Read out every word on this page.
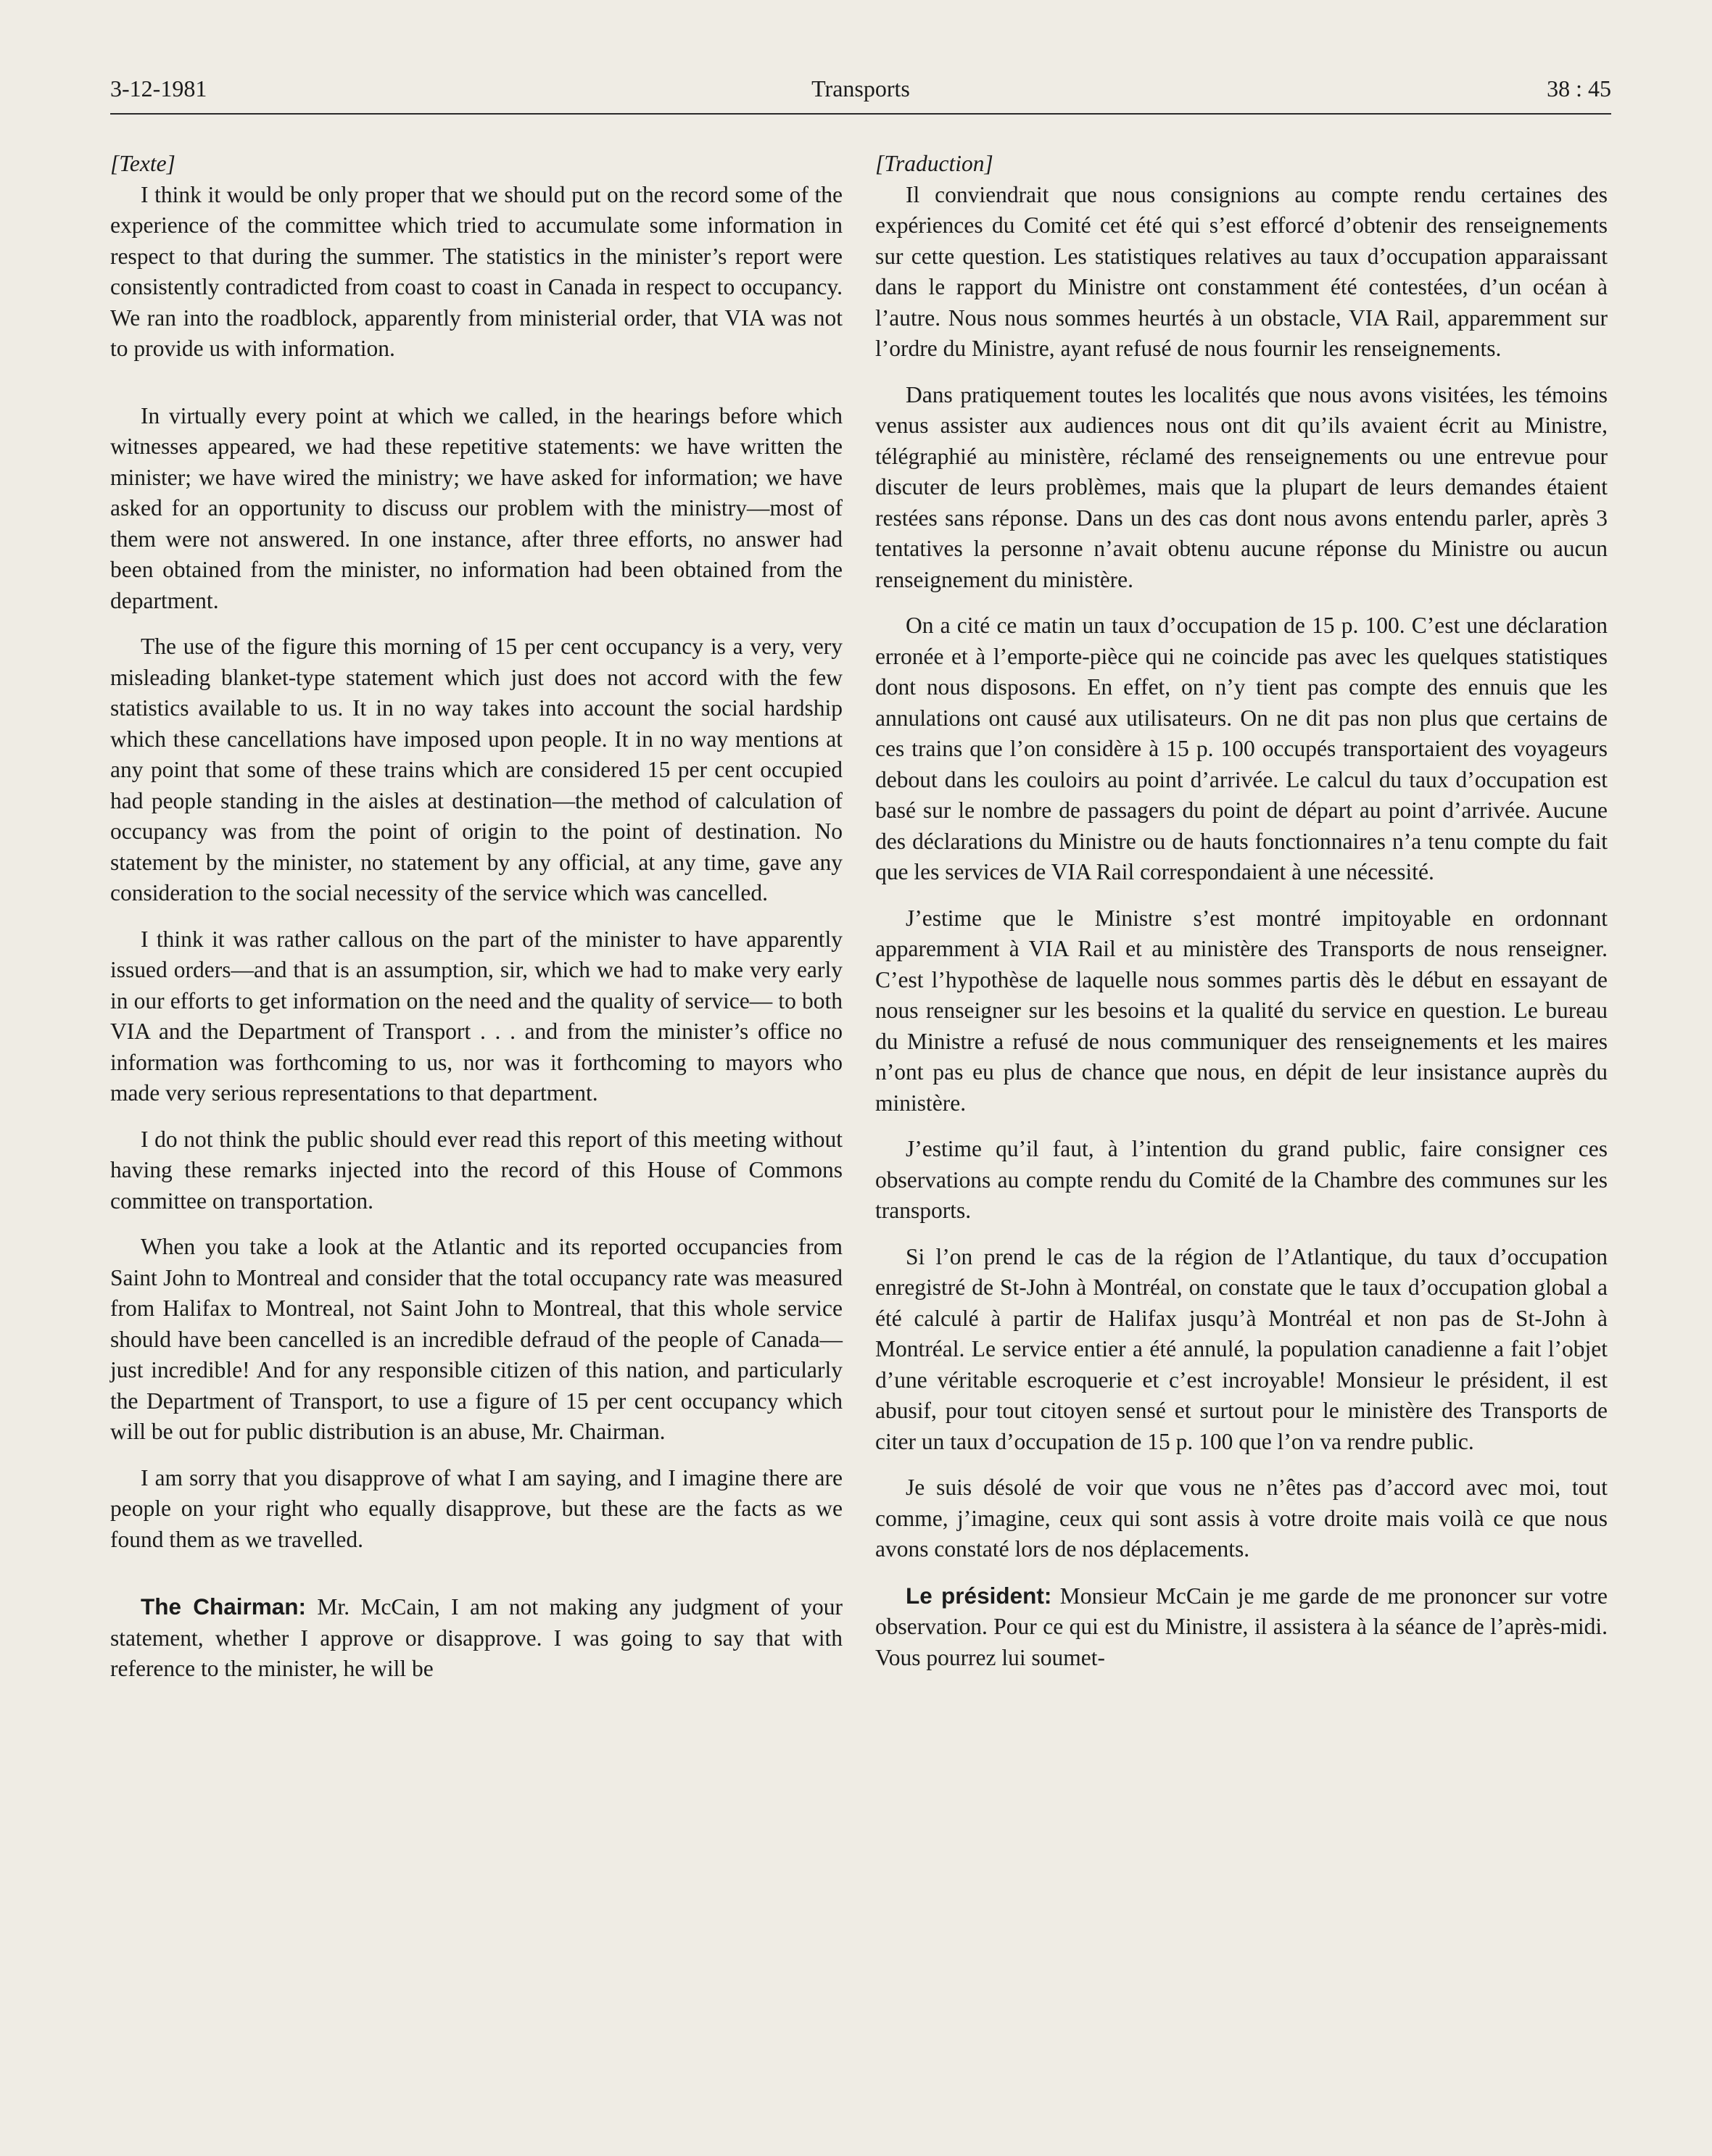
3-12-1981	Transports	38 : 45

[Texte]

I think it would be only proper that we should put on the record some of the experience of the committee which tried to accumulate some information in respect to that during the summer. The statistics in the minister’s report were consistently contradicted from coast to coast in Canada in respect to occupancy. We ran into the roadblock, apparently from ministerial order, that VIA was not to provide us with information.

In virtually every point at which we called, in the hearings before which witnesses appeared, we had these repetitive statements: we have written the minister; we have wired the ministry; we have asked for information; we have asked for an opportunity to discuss our problem with the ministry—most of them were not answered. In one instance, after three efforts, no answer had been obtained from the minister, no information had been obtained from the department.

The use of the figure this morning of 15 per cent occupancy is a very, very misleading blanket-type statement which just does not accord with the few statistics available to us. It in no way takes into account the social hardship which these cancellations have imposed upon people. It in no way mentions at any point that some of these trains which are considered 15 per cent occupied had people standing in the aisles at destination—the method of calculation of occupancy was from the point of origin to the point of destination. No statement by the minister, no statement by any official, at any time, gave any consideration to the social necessity of the service which was cancelled.

I think it was rather callous on the part of the minister to have apparently issued orders—and that is an assumption, sir, which we had to make very early in our efforts to get information on the need and the quality of service— to both VIA and the Department of Transport . . . and from the minister’s office no information was forthcoming to us, nor was it forthcoming to mayors who made very serious representations to that department.

I do not think the public should ever read this report of this meeting without having these remarks injected into the record of this House of Commons committee on transportation.

When you take a look at the Atlantic and its reported occupancies from Saint John to Montreal and consider that the total occupancy rate was measured from Halifax to Montreal, not Saint John to Montreal, that this whole service should have been cancelled is an incredible defraud of the people of Canada—just incredible! And for any responsible citizen of this nation, and particularly the Department of Transport, to use a figure of 15 per cent occupancy which will be out for public distribution is an abuse, Mr. Chairman.

I am sorry that you disapprove of what I am saying, and I imagine there are people on your right who equally disapprove, but these are the facts as we found them as we travelled.

The Chairman: Mr. McCain, I am not making any judgment of your statement, whether I approve or disapprove. I was going to say that with reference to the minister, he will be

[Traduction]

Il conviendrait que nous consignions au compte rendu certaines des expériences du Comité cet été qui s’est efforcé d’obtenir des renseignements sur cette question. Les statistiques relatives au taux d’occupation apparaissant dans le rapport du Ministre ont constamment été contestées, d’un océan à l’autre. Nous nous sommes heurtés à un obstacle, VIA Rail, apparemment sur l’ordre du Ministre, ayant refusé de nous fournir les renseignements.

Dans pratiquement toutes les localités que nous avons visitées, les témoins venus assister aux audiences nous ont dit qu’ils avaient écrit au Ministre, télégraphié au ministère, réclamé des renseignements ou une entrevue pour discuter de leurs problèmes, mais que la plupart de leurs demandes étaient restées sans réponse. Dans un des cas dont nous avons entendu parler, après 3 tentatives la personne n’avait obtenu aucune réponse du Ministre ou aucun renseignement du ministère.

On a cité ce matin un taux d’occupation de 15 p. 100. C’est une déclaration erronée et à l’emporte-pièce qui ne coincide pas avec les quelques statistiques dont nous disposons. En effet, on n’y tient pas compte des ennuis que les annulations ont causé aux utilisateurs. On ne dit pas non plus que certains de ces trains que l’on considère à 15 p. 100 occupés transportaient des voyageurs debout dans les couloirs au point d’arrivée. Le calcul du taux d’occupation est basé sur le nombre de passagers du point de départ au point d’arrivée. Aucune des déclarations du Ministre ou de hauts fonctionnaires n’a tenu compte du fait que les services de VIA Rail correspondaient à une nécessité.

J’estime que le Ministre s’est montré impitoyable en ordonnant apparemment à VIA Rail et au ministère des Transports de nous renseigner. C’est l’hypothèse de laquelle nous sommes partis dès le début en essayant de nous renseigner sur les besoins et la qualité du service en question. Le bureau du Ministre a refusé de nous communiquer des renseignements et les maires n’ont pas eu plus de chance que nous, en dépit de leur insistance auprès du ministère.

J’estime qu’il faut, à l’intention du grand public, faire consigner ces observations au compte rendu du Comité de la Chambre des communes sur les transports.

Si l’on prend le cas de la région de l’Atlantique, du taux d’occupation enregistré de St-John à Montréal, on constate que le taux d’occupation global a été calculé à partir de Halifax jusqu’à Montréal et non pas de St-John à Montréal. Le service entier a été annulé, la population canadienne a fait l’objet d’une véritable escroquerie et c’est incroyable! Monsieur le président, il est abusif, pour tout citoyen sensé et surtout pour le ministère des Transports de citer un taux d’occupation de 15 p. 100 que l’on va rendre public.

Je suis désolé de voir que vous ne n’êtes pas d’accord avec moi, tout comme, j’imagine, ceux qui sont assis à votre droite mais voilà ce que nous avons constaté lors de nos déplacements.

Le président: Monsieur McCain je me garde de me prononcer sur votre observation. Pour ce qui est du Ministre, il assistera à la séance de l’après-midi. Vous pourrez lui soumet-
